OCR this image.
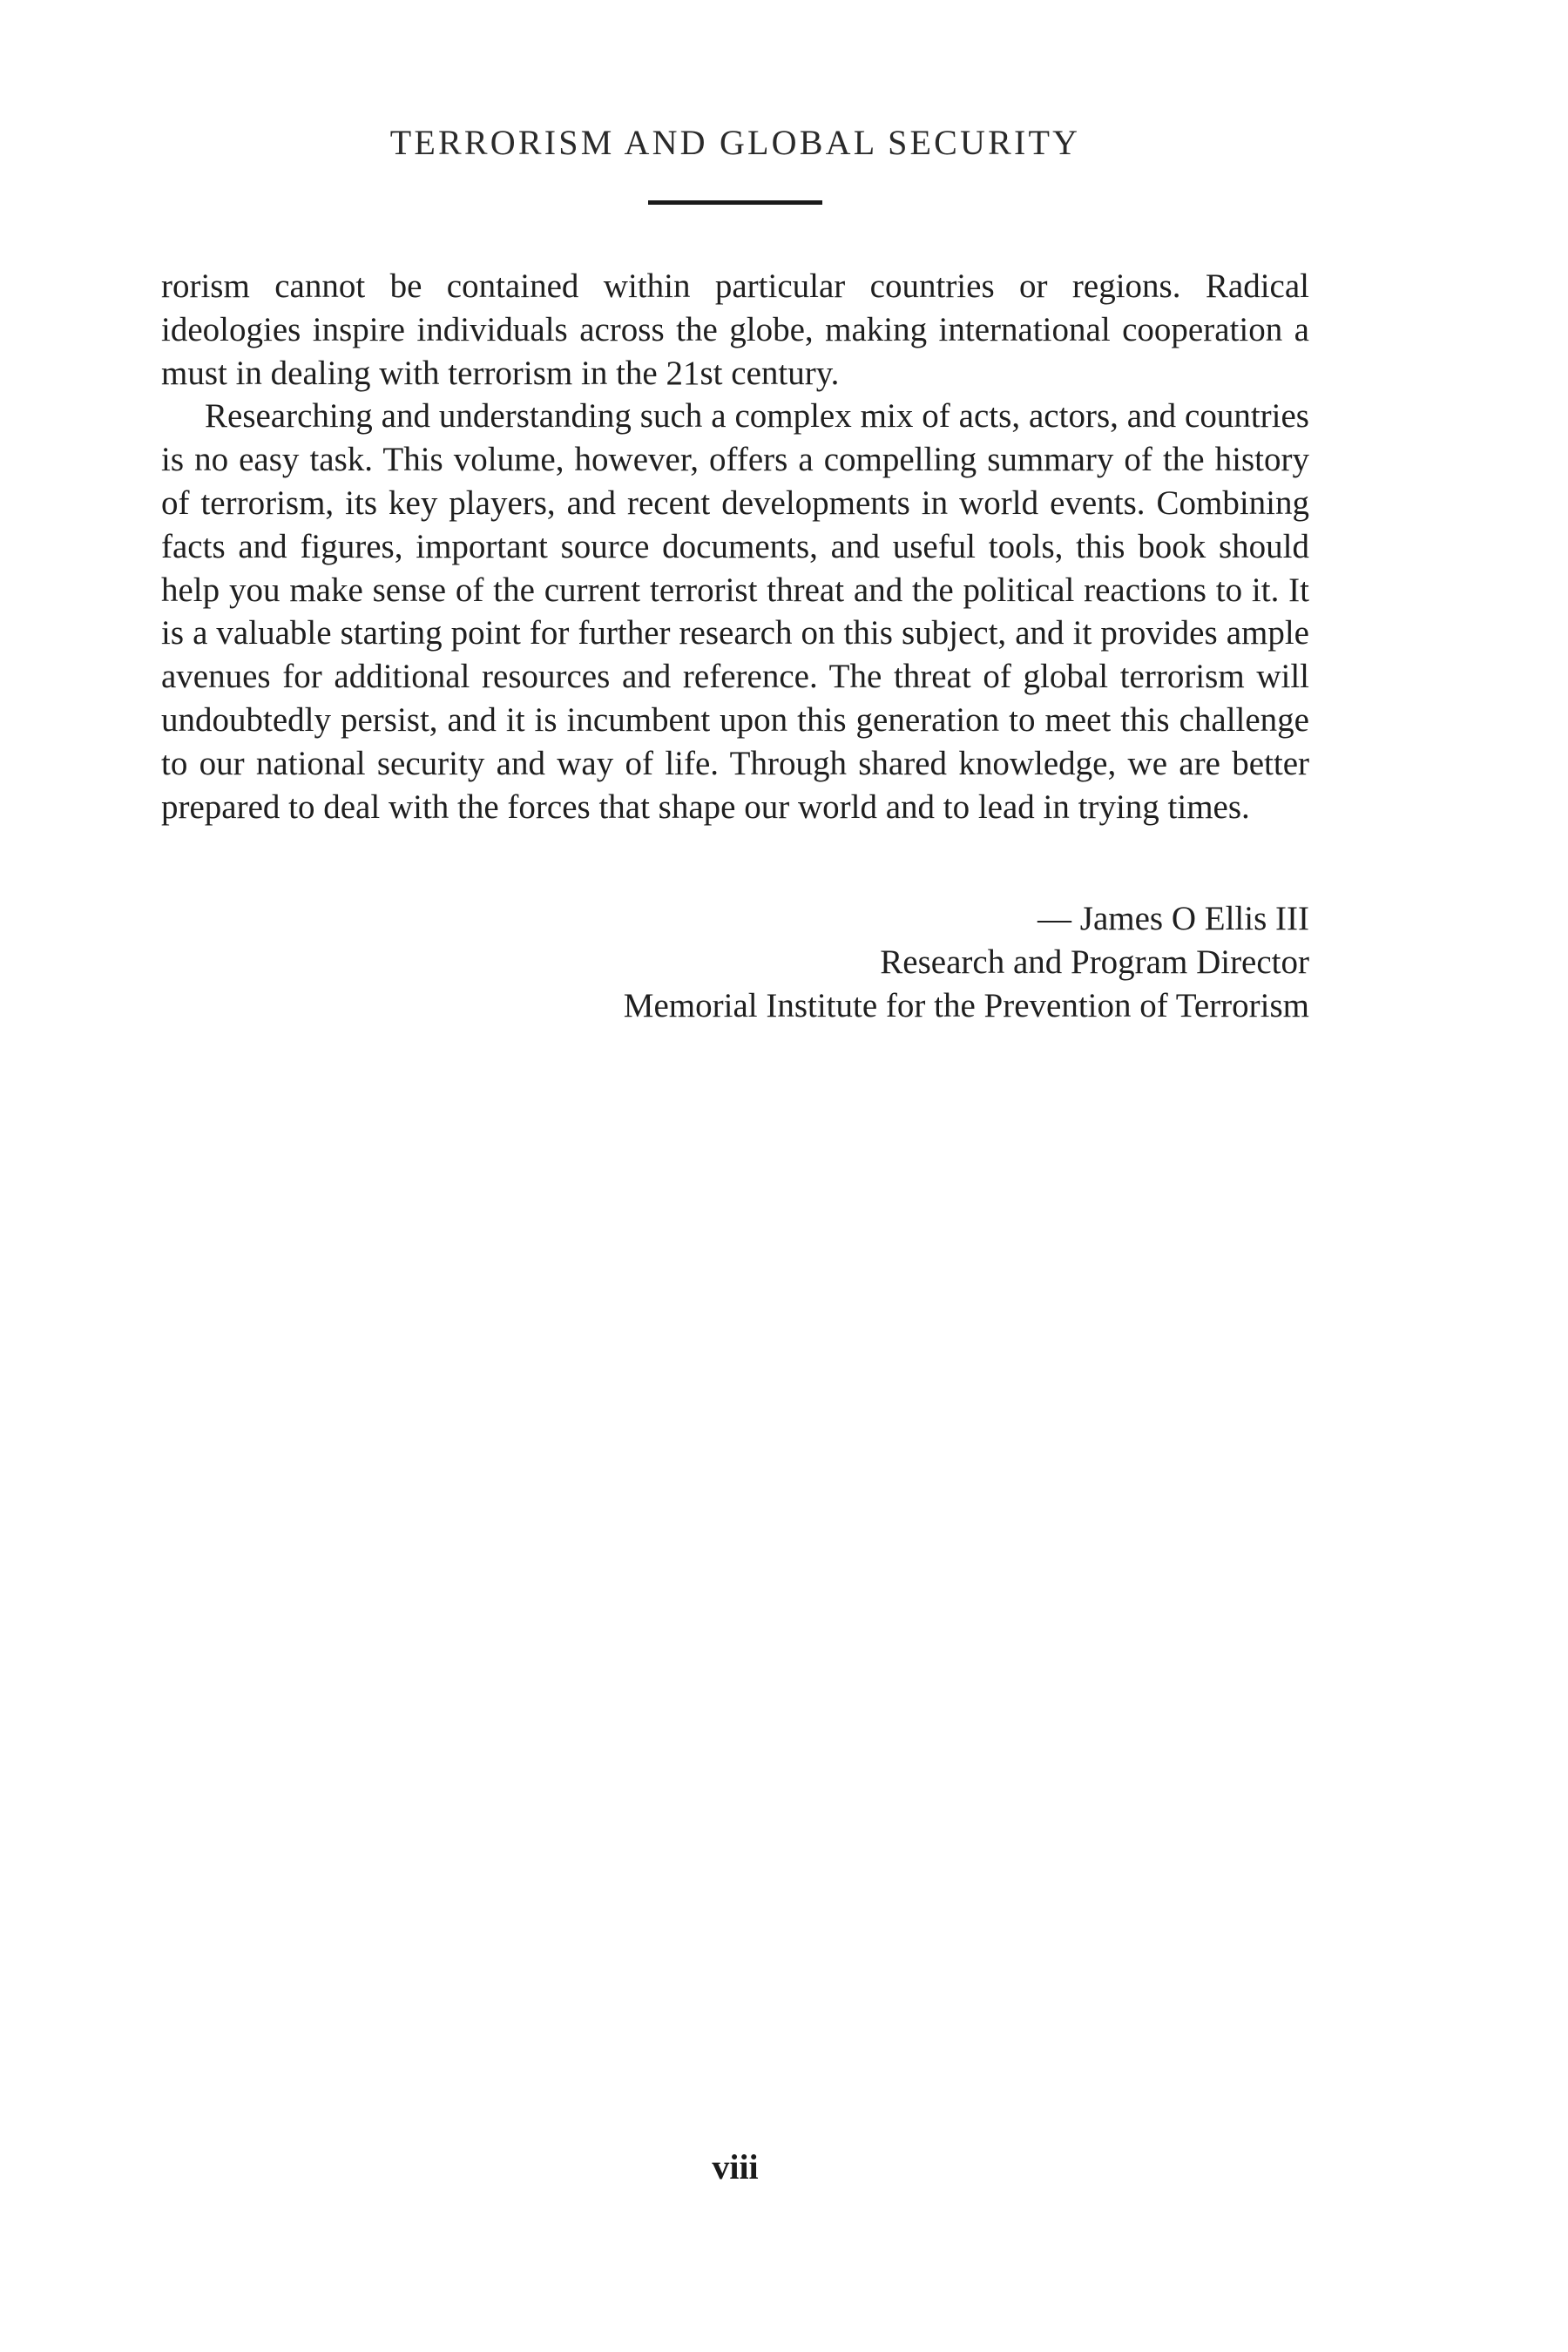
TERRORISM AND GLOBAL SECURITY

rorism cannot be contained within particular countries or regions. Radical ideologies inspire individuals across the globe, making international cooperation a must in dealing with terrorism in the 21st century.

Researching and understanding such a complex mix of acts, actors, and countries is no easy task. This volume, however, offers a compelling summary of the history of terrorism, its key players, and recent developments in world events. Combining facts and figures, important source documents, and useful tools, this book should help you make sense of the current terrorist threat and the political reactions to it. It is a valuable starting point for further research on this subject, and it provides ample avenues for additional resources and reference. The threat of global terrorism will undoubtedly persist, and it is incumbent upon this generation to meet this challenge to our national security and way of life. Through shared knowledge, we are better prepared to deal with the forces that shape our world and to lead in trying times.

— James O Ellis III
Research and Program Director
Memorial Institute for the Prevention of Terrorism
viii
